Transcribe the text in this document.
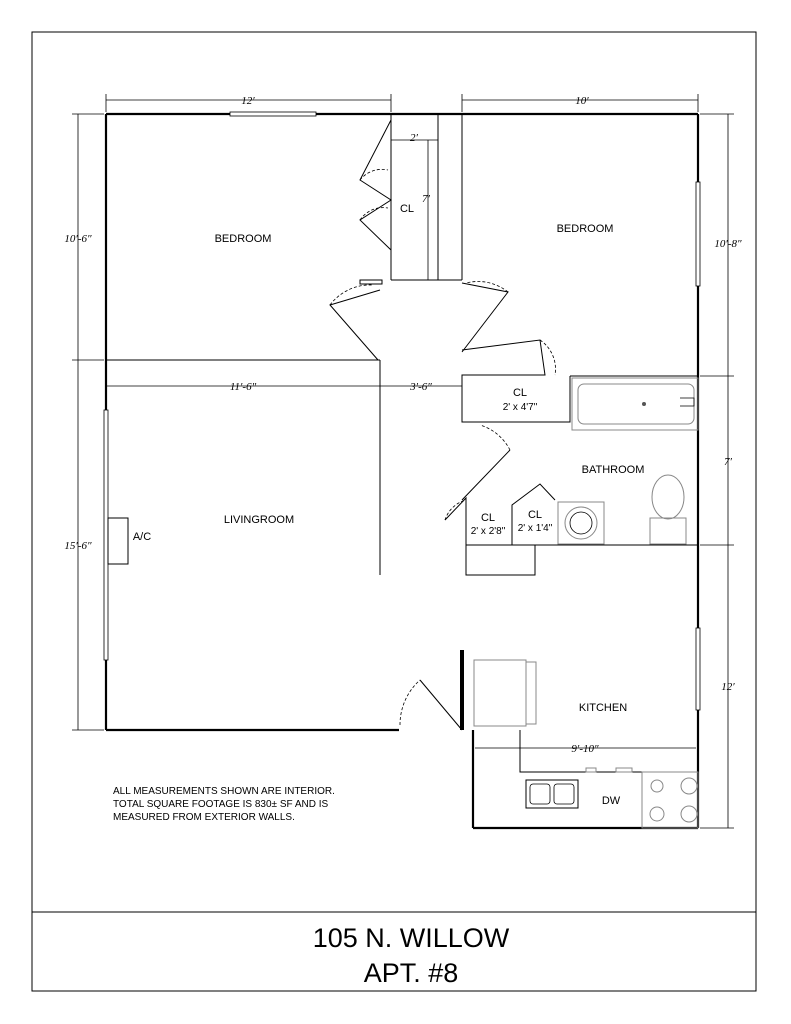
BEDROOM
BEDROOM
CL
CL
2' x 4'7"
BATHROOM
CL
2' x 2'8"
CL
2' x 1'4"
LIVINGROOM
A/C
KITCHEN
DW
12′	10′
2′
7′
10′-6″
15′-6″
10′-8″
7′
12′
11′-6″	3′-6″
9′-10″
ALL MEASUREMENTS SHOWN ARE INTERIOR.
TOTAL SQUARE FOOTAGE IS 830± SF AND IS
MEASURED FROM EXTERIOR WALLS.
105 N. WILLOW
APT. #8
